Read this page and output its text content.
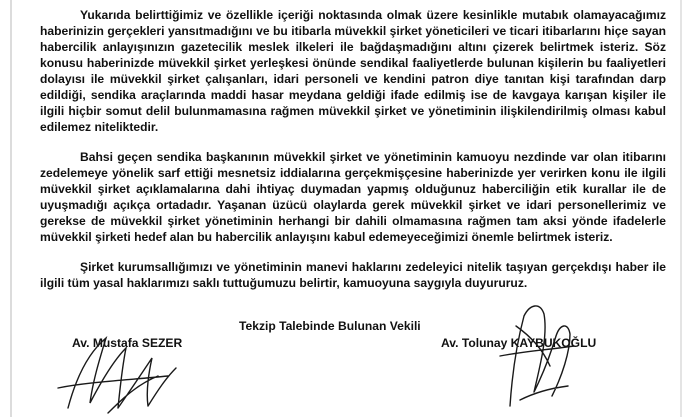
Yukarıda belirttiğimiz ve özellikle içeriği noktasında olmak üzere kesinlikle mutabık olamayacağımız haberinizin gerçekleri yansıtmadığını ve bu itibarla müvekkil şirket yöneticileri ve ticari itibarlarını hiçe sayan habercilik anlayışınızın gazetecilik meslek ilkeleri ile bağdaşmadığını altını çizerek belirtmek isteriz. Söz konusu haberinizde müvekkil şirket yerleşkesi önünde sendikal faaliyetlerde bulunan kişilerin bu faaliyetleri dolayısı ile müvekkil şirket çalışanları, idari personeli ve kendini patron diye tanıtan kişi tarafından darp edildiği, sendika araçlarında maddi hasar meydana geldiği ifade edilmiş ise de kavgaya karışan kişiler ile ilgili hiçbir somut delil bulunmamasına rağmen müvekkil şirket ve yönetiminin ilişkilendirilmiş olması kabul edilemez niteliktedir.

Bahsi geçen sendika başkanının müvekkil şirket ve yönetiminin kamuoyu nezdinde var olan itibarını zedelemeye yönelik sarf ettiği mesnetsiz iddialarına gerçekmişçesine haberinizde yer verirken konu ile ilgili müvekkil şirket açıklamalarına dahi ihtiyaç duymadan yapmış olduğunuz haberciliğin etik kurallar ile de uyuşmadığı açıkça ortadadır. Yaşanan üzücü olaylarda gerek müvekkil şirket ve idari personellerimiz ve gerekse de müvekkil şirket yönetiminin herhangi bir dahili olmamasına rağmen tam aksi yönde ifadelerle müvekkil şirketi hedef alan bu habercilik anlayışını kabul edemeyeceğimizi önemle belirtmek isteriz.

Şirket kurumsallığımızı ve yönetiminin manevi haklarını zedeleyici nitelik taşıyan gerçekdışı haber ile ilgili tüm yasal haklarımızı saklı tuttuğumuzu belirtir, kamuoyuna saygıyla duyururuz.

Tekzip Talebinde Bulunan Vekili
Av. Mustafa SEZER	Av. Tolunay KAYBUKOĞLU
